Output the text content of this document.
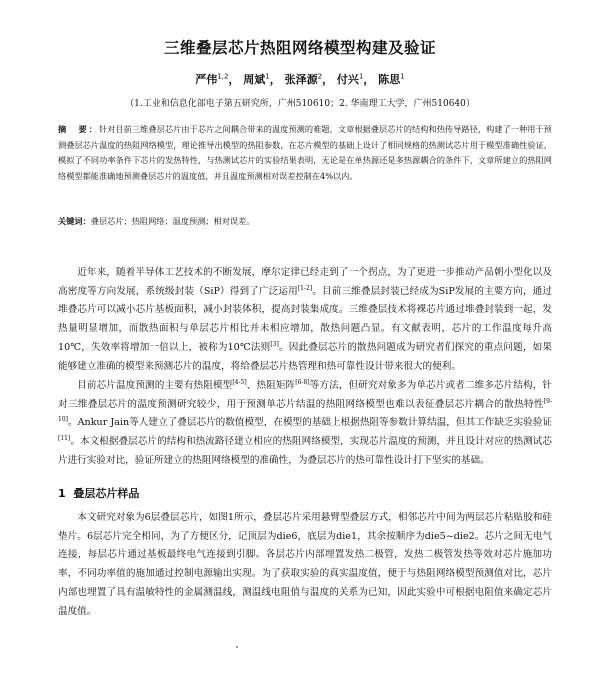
三维叠层芯片热阻网络模型构建及验证
严伟$^{1,2}$， 周斌$^1$， 张泽源$^2$， 付兴$^1$， 陈思$^1$
（1.工业和信息化部电子第五研究所，广州510610；2. 华南理工大学，广州510640）
摘　要：针对目前三维叠层芯片由于芯片之间耦合带来的温度预测的难题，文章根据叠层芯片的结构和热传导路径，构建了一种用于预测叠层芯片温度的热阻网络模型，理论推导出模型的热阻参数，在芯片模型的基础上设计了相同规格的热测试芯片用于模型准确性验证，模拟了不同功率条件下芯片的发热特性，与热测试芯片的实验结果表明，无论是在单热源还是多热源耦合的条件下，文章所建立的热阻网络模型都能准确地预测叠层芯片的温度值，并且温度预测相对误差控制在4%以内。
关键词：叠层芯片；热阻网络；温度预测；相对误差。

近年来，随着半导体工艺技术的不断发展，摩尔定律已经走到了一个拐点，为了更进一步推动产品朝小型化以及高密度等方向发展，系统级封装（SiP）得到了广泛运用[1-2]。目前三维叠层封装已经成为SiP发展的主要方向，通过堆叠芯片可以减小芯片基板面积，减小封装体积，提高封装集成度。三维叠层技术将裸芯片通过堆叠封装到一起，发热量明显增加，而散热面积与单层芯片相比并未相应增加，散热问题凸显。有文献表明，芯片的工作温度每升高10℃，失效率将增加一倍以上，被称为10℃法则[3]。因此叠层芯片的散热问题成为研究者们探究的重点问题，如果能够建立准确的模型来预测芯片的温度，将给叠层芯片热管理和热可靠性设计带来很大的便利。

目前芯片温度预测的主要有热阻模型[4-5]、热阻矩阵[6-8]等方法，但研究对象多为单芯片或者二维多芯片结构，针对三维叠层芯片的温度预测研究较少，用于预测单芯片结温的热阻网络模型也难以表征叠层芯片耦合的散热特性[9-10]。Ankur Jain等人建立了叠层芯片的数值模型，在模型的基础上根据热阻等参数计算结温，但其工作缺乏实验验证[11]。本文根据叠层芯片的结构和热流路径建立相应的热阻网络模型，实现芯片温度的预测，并且设计对应的热测试芯片进行实验对比，验证所建立的热阻网络模型的准确性，为叠层芯片的热可靠性设计打下坚实的基础。

1 叠层芯片样品

本文研究对象为6层叠层芯片，如图1所示，叠层芯片采用悬臂型叠层方式，相邻芯片中间为两层芯片粘贴胶和硅垫片。6层芯片完全相同，为了方便区分，记顶层为die6，底层为die1，其余按顺序为die5~die2。芯片之间无电气连接，每层芯片通过基板最终电气连接到引脚。各层芯片内部埋置发热二极管，发热二极管发热等效对芯片施加功率，不同功率值的施加通过控制电源输出实现。为了获取实验的真实温度值，便于与热阻网络模型预测值对比，芯片内部也埋置了具有温敏特性的金属测温线，测温线电阻值与温度的关系为已知，因此实验中可根据电阻值来确定芯片温度值。
